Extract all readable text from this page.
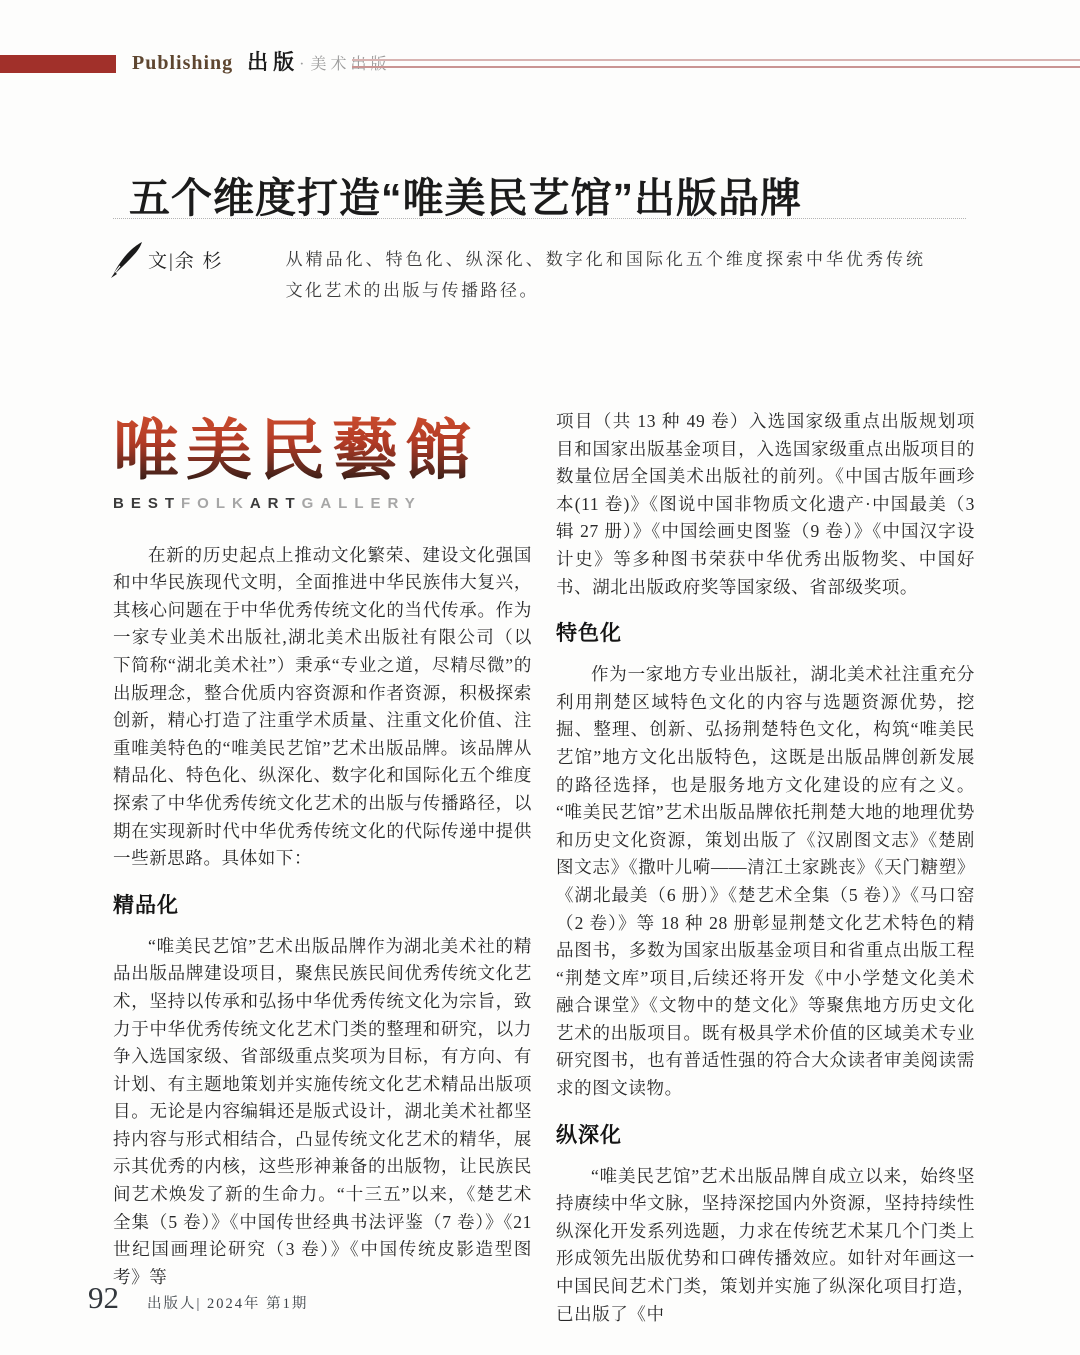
Publishing 出版 · 美术出版
五个维度打造“唯美民艺馆”出版品牌
文|余 杉	从精品化、特色化、纵深化、数字化和国际化五个维度探索中华优秀传统文化艺术的出版与传播路径。

唯美民藝館
BESTFOLKARTGALLERY

在新的历史起点上推动文化繁荣、建设文化强国和中华民族现代文明，全面推进中华民族伟大复兴，其核心问题在于中华优秀传统文化的当代传承。作为一家专业美术出版社,湖北美术出版社有限公司（以下简称“湖北美术社”）秉承“专业之道，尽精尽微”的出版理念，整合优质内容资源和作者资源，积极探索创新，精心打造了注重学术质量、注重文化价值、注重唯美特色的“唯美民艺馆”艺术出版品牌。该品牌从精品化、特色化、纵深化、数字化和国际化五个维度探索了中华优秀传统文化艺术的出版与传播路径，以期在实现新时代中华优秀传统文化的代际传递中提供一些新思路。具体如下：

精品化

“唯美民艺馆”艺术出版品牌作为湖北美术社的精品出版品牌建设项目，聚焦民族民间优秀传统文化艺术，坚持以传承和弘扬中华优秀传统文化为宗旨，致力于中华优秀传统文化艺术门类的整理和研究，以力争入选国家级、省部级重点奖项为目标，有方向、有计划、有主题地策划并实施传统文化艺术精品出版项目。无论是内容编辑还是版式设计，湖北美术社都坚持内容与形式相结合，凸显传统文化艺术的精华，展示其优秀的内核，这些形神兼备的出版物，让民族民间艺术焕发了新的生命力。“十三五”以来，《楚艺术全集（5 卷）》《中国传世经典书法评鉴（7 卷）》《21 世纪国画理论研究（3 卷）》《中国传统皮影造型图考》等

项目（共 13 种 49 卷）入选国家级重点出版规划项目和国家出版基金项目，入选国家级重点出版项目的数量位居全国美术出版社的前列。《中国古版年画珍本(11 卷)》《图说中国非物质文化遗产·中国最美（3 辑 27 册）》《中国绘画史图鉴（9 卷）》《中国汉字设计史》等多种图书荣获中华优秀出版物奖、中国好书、湖北出版政府奖等国家级、省部级奖项。

特色化

作为一家地方专业出版社，湖北美术社注重充分利用荆楚区域特色文化的内容与选题资源优势，挖掘、整理、创新、弘扬荆楚特色文化，构筑“唯美民艺馆”地方文化出版特色，这既是出版品牌创新发展的路径选择，也是服务地方文化建设的应有之义。“唯美民艺馆”艺术出版品牌依托荆楚大地的地理优势和历史文化资源，策划出版了《汉剧图文志》《楚剧图文志》《撒叶儿嗬——清江土家跳丧》《天门糖塑》《湖北最美（6 册）》《楚艺术全集（5 卷）》《马口窑（2 卷）》等 18 种 28 册彰显荆楚文化艺术特色的精品图书，多数为国家出版基金项目和省重点出版工程“荆楚文库”项目,后续还将开发《中小学楚文化美术融合课堂》《文物中的楚文化》等聚焦地方历史文化艺术的出版项目。既有极具学术价值的区域美术专业研究图书，也有普适性强的符合大众读者审美阅读需求的图文读物。

纵深化

“唯美民艺馆”艺术出版品牌自成立以来，始终坚持赓续中华文脉，坚持深挖国内外资源，坚持持续性纵深化开发系列选题，力求在传统艺术某几个门类上形成领先出版优势和口碑传播效应。如针对年画这一中国民间艺术门类，策划并实施了纵深化项目打造，已出版了《中

92 出版人| 2024年 第1期
